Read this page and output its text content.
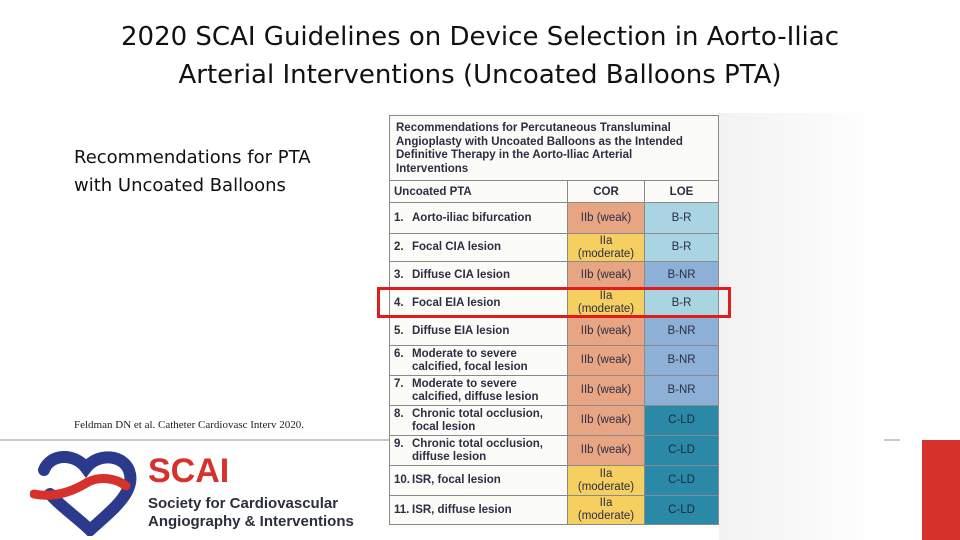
2020 SCAI Guidelines on Device Selection in Aorto-Iliac
Arterial Interventions (Uncoated Balloons PTA)
Recommendations for PTA
with Uncoated Balloons
Feldman DN et al. Catheter Cardiovasc Interv 2020.
SCAI
Society for Cardiovascular
Angiography & Interventions
Recommendations for Percutaneous Transluminal
Angioplasty with Uncoated Balloons as the Intended
Definitive Therapy in the Aorto-Iliac Arterial
Interventions		

Uncoated PTA	COR	LOE
1. Aorto-iliac bifurcation	IIb (weak)	B-R
2. Focal CIA lesion	IIa
(moderate)	B-R
3. Diffuse CIA lesion	IIb (weak)	B-NR
4. Focal EIA lesion	IIa
(moderate)	B-R
5. Diffuse EIA lesion	IIb (weak)	B-NR
6. Moderate to severe
calcified, focal lesion	IIb (weak)	B-NR
7. Moderate to severe
calcified, diffuse lesion	IIb (weak)	B-NR
8. Chronic total occlusion,
focal lesion	IIb (weak)	C-LD
9. Chronic total occlusion,
diffuse lesion	IIb (weak)	C-LD
10. ISR, focal lesion	IIa
(moderate)	C-LD
11. ISR, diffuse lesion	IIa
(moderate)	C-LD
